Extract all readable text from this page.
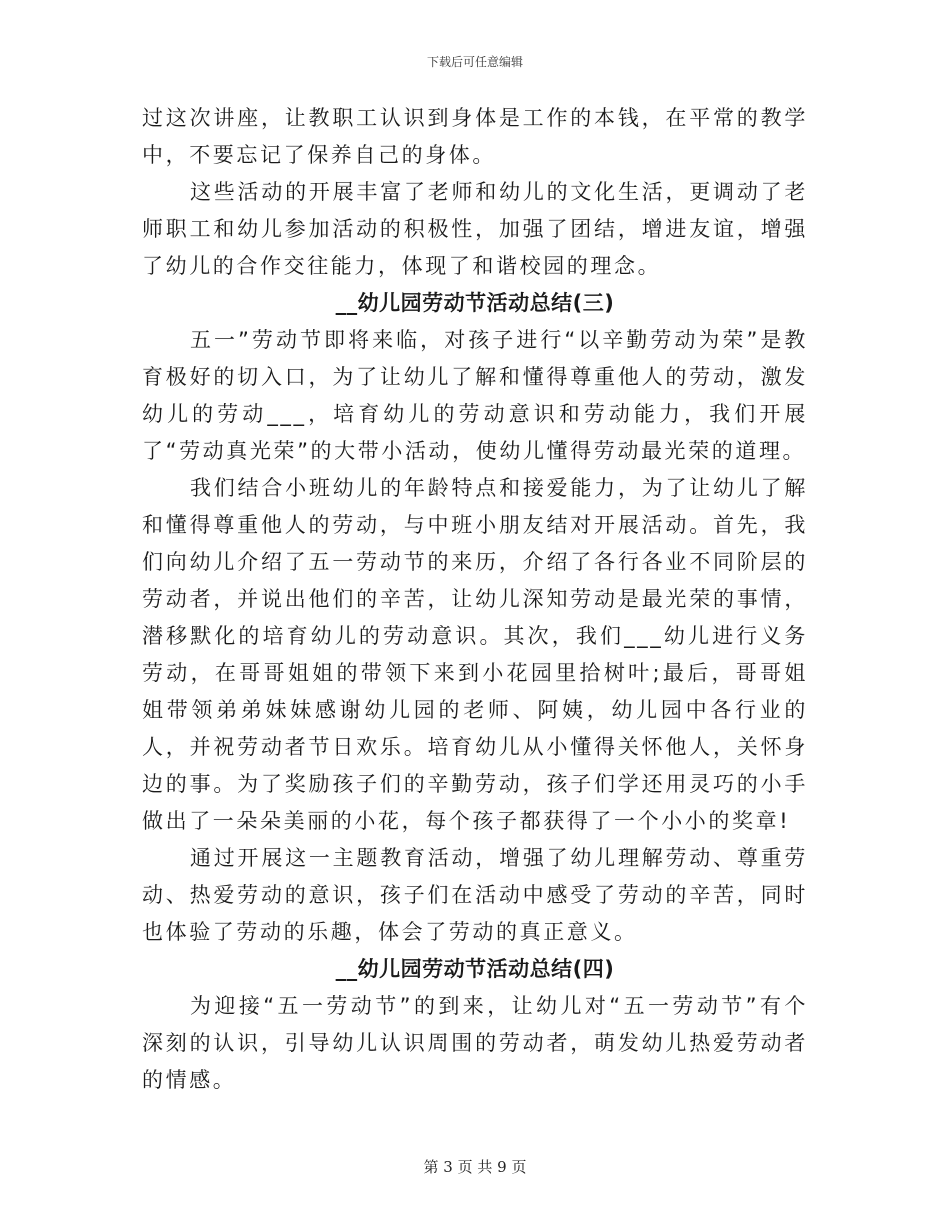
下载后可任意编辑

过这次讲座，让教职工认识到身体是工作的本钱，在平常的教学中，不要忘记了保养自己的身体。

这些活动的开展丰富了老师和幼儿的文化生活，更调动了老师职工和幼儿参加活动的积极性，加强了团结，增进友谊，增强了幼儿的合作交往能力，体现了和谐校园的理念。

__幼儿园劳动节活动总结(三)

五一”劳动节即将来临，对孩子进行“以辛勤劳动为荣”是教育极好的切入口，为了让幼儿了解和懂得尊重他人的劳动，激发幼儿的劳动___，培育幼儿的劳动意识和劳动能力，我们开展了“劳动真光荣”的大带小活动，使幼儿懂得劳动最光荣的道理。

我们结合小班幼儿的年龄特点和接爱能力，为了让幼儿了解和懂得尊重他人的劳动，与中班小朋友结对开展活动。首先，我们向幼儿介绍了五一劳动节的来历，介绍了各行各业不同阶层的劳动者，并说出他们的辛苦，让幼儿深知劳动是最光荣的事情，潜移默化的培育幼儿的劳动意识。其次，我们___幼儿进行义务劳动，在哥哥姐姐的带领下来到小花园里拾树叶;最后，哥哥姐姐带领弟弟妹妹感谢幼儿园的老师、阿姨，幼儿园中各行业的人，并祝劳动者节日欢乐。培育幼儿从小懂得关怀他人，关怀身边的事。为了奖励孩子们的辛勤劳动，孩子们学还用灵巧的小手做出了一朵朵美丽的小花，每个孩子都获得了一个小小的奖章!

通过开展这一主题教育活动，增强了幼儿理解劳动、尊重劳动、热爱劳动的意识，孩子们在活动中感受了劳动的辛苦，同时也体验了劳动的乐趣，体会了劳动的真正意义。

__幼儿园劳动节活动总结(四)

为迎接“五一劳动节”的到来，让幼儿对“五一劳动节”有个深刻的认识，引导幼儿认识周围的劳动者，萌发幼儿热爱劳动者的情感。

第 3 页 共 9 页
